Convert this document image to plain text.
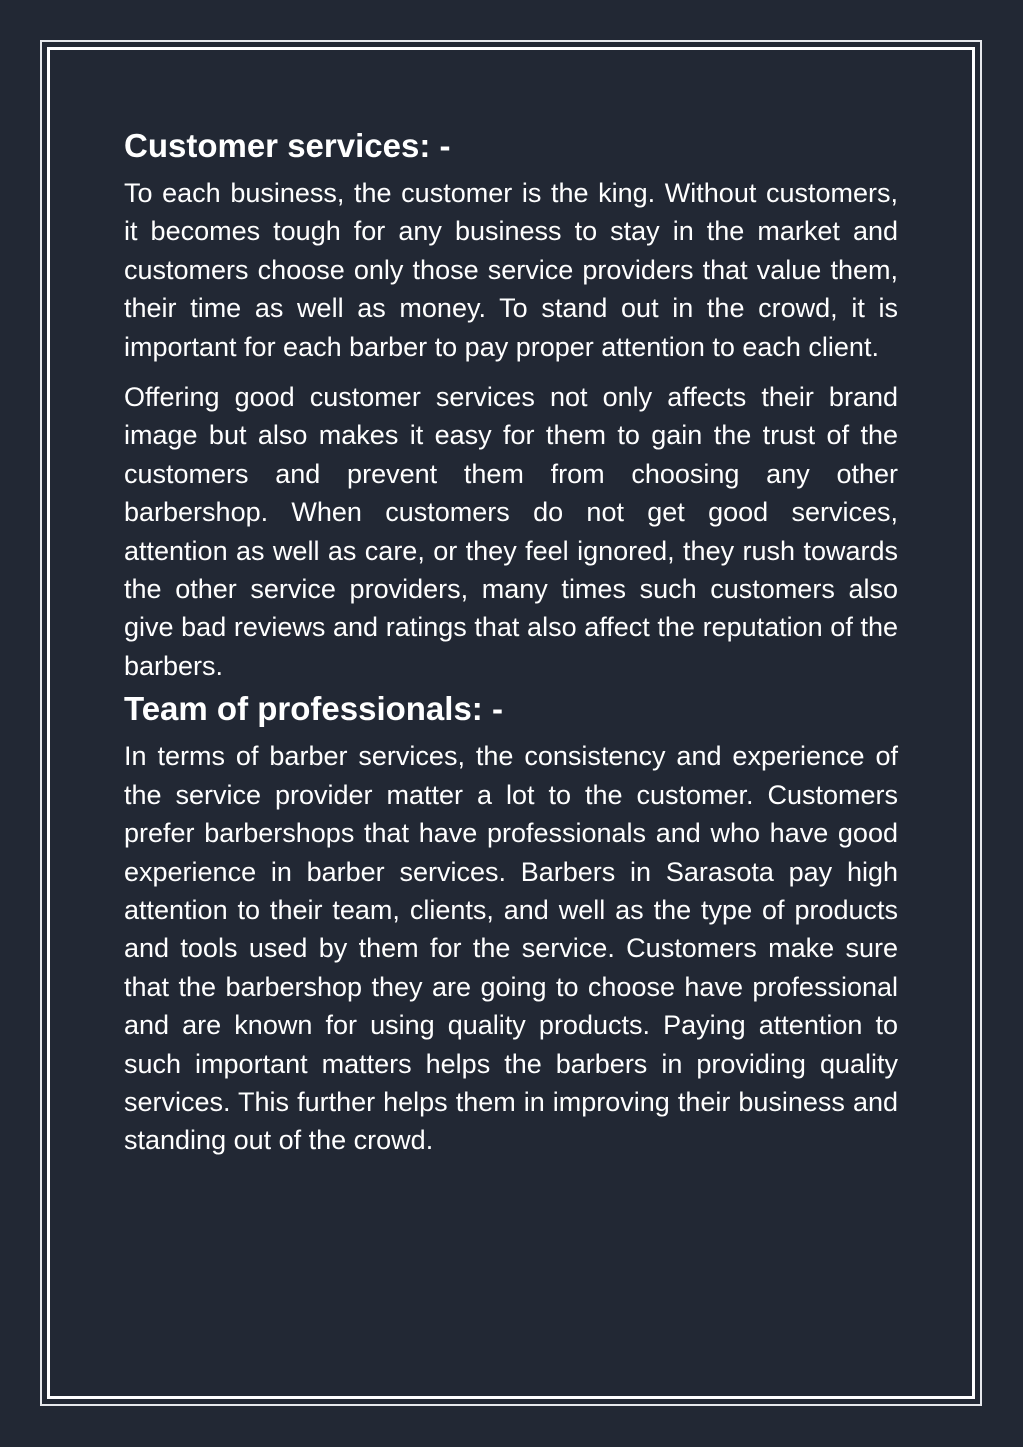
Customer services: -

To each business, the customer is the king. Without customers, it becomes tough for any business to stay in the market and customers choose only those service providers that value them, their time as well as money. To stand out in the crowd, it is important for each barber to pay proper attention to each client.

Offering good customer services not only affects their brand image but also makes it easy for them to gain the trust of the customers and prevent them from choosing any other barbershop. When customers do not get good services, attention as well as care, or they feel ignored, they rush towards the other service providers, many times such customers also give bad reviews and ratings that also affect the reputation of the barbers.

Team of professionals: -

In terms of barber services, the consistency and experience of the service provider matter a lot to the customer. Customers prefer barbershops that have professionals and who have good experience in barber services. Barbers in Sarasota pay high attention to their team, clients, and well as the type of products and tools used by them for the service. Customers make sure that the barbershop they are going to choose have professional and are known for using quality products. Paying attention to such important matters helps the barbers in providing quality services. This further helps them in improving their business and standing out of the crowd.
